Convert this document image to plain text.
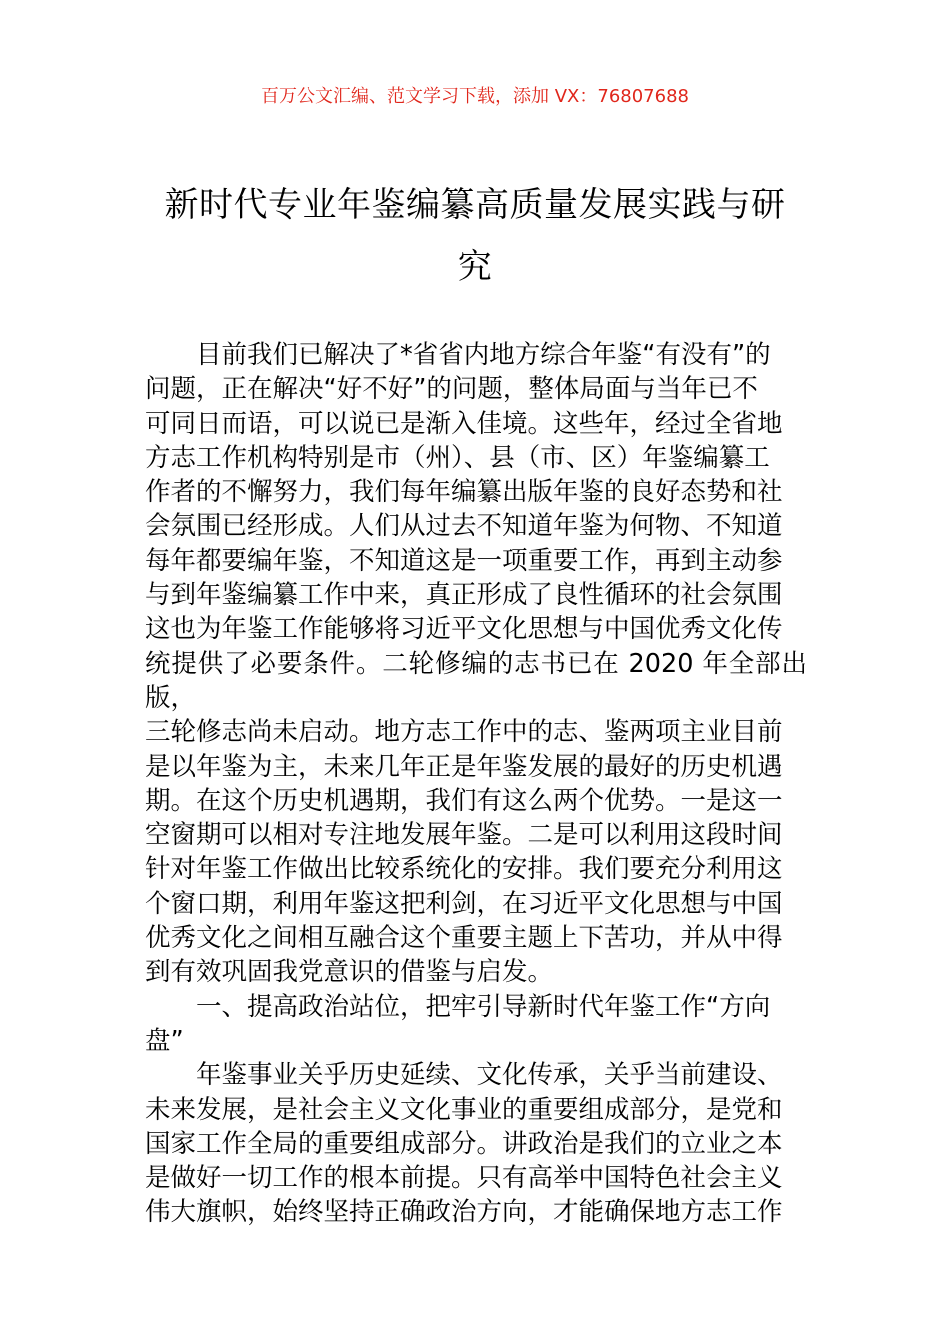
百万公文汇编、范文学习下载，添加 VX：76807688
新时代专业年鉴编纂高质量发展实践与研
究

目前我们已解决了*省省内地方综合年鉴“有没有”的
问题，正在解决“好不好”的问题，整体局面与当年已不
可同日而语，可以说已是渐入佳境。这些年，经过全省地
方志工作机构特别是市（州）、县（市、区）年鉴编纂工
作者的不懈努力，我们每年编纂出版年鉴的良好态势和社
会氛围已经形成。人们从过去不知道年鉴为何物、不知道
每年都要编年鉴，不知道这是一项重要工作，再到主动参
与到年鉴编纂工作中来，真正形成了良性循环的社会氛围
这也为年鉴工作能够将习近平文化思想与中国优秀文化传
统提供了必要条件。二轮修编的志书已在 2020 年全部出版，
三轮修志尚未启动。地方志工作中的志、鉴两项主业目前
是以年鉴为主，未来几年正是年鉴发展的最好的历史机遇
期。在这个历史机遇期，我们有这么两个优势。一是这一
空窗期可以相对专注地发展年鉴。二是可以利用这段时间
针对年鉴工作做出比较系统化的安排。我们要充分利用这
个窗口期，利用年鉴这把利剑，在习近平文化思想与中国
优秀文化之间相互融合这个重要主题上下苦功，并从中得
到有效巩固我党意识的借鉴与启发。

一、提高政治站位，把牢引导新时代年鉴工作“方向
盘”

年鉴事业关乎历史延续、文化传承，关乎当前建设、
未来发展，是社会主义文化事业的重要组成部分，是党和
国家工作全局的重要组成部分。讲政治是我们的立业之本
是做好一切工作的根本前提。只有高举中国特色社会主义
伟大旗帜，始终坚持正确政治方向，才能确保地方志工作
